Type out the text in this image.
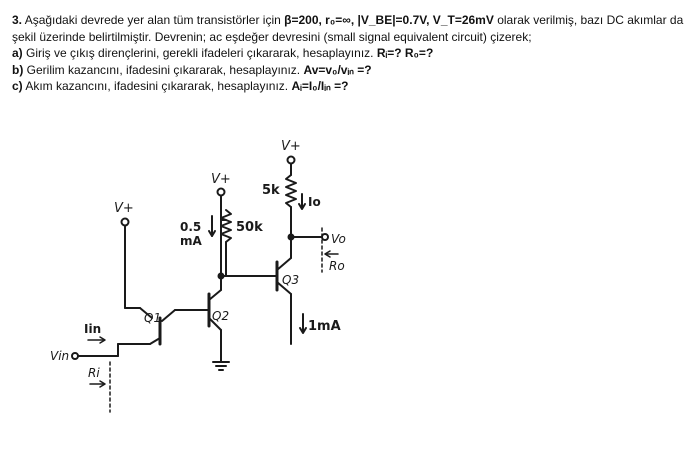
3. Aşağıdaki devrede yer alan tüm transistörler için β=200, r₀=∞, |V_BE|=0.7V, V_T=26mV olarak verilmiş, bazı DC akımlar da şekil üzerinde belirtilmiştir. Devrenin; ac eşdeğer devresini (small signal equivalent circuit) çizerek;

a) Giriş ve çıkış dirençlerini, gerekli ifadeleri çıkararak, hesaplayınız. Rᵢ=? R₀=?

b) Gerilim kazancını, ifadesini çıkararak, hesaplayınız. Av=v₀/vᵢₙ =?

c) Akım kazancını, ifadesini çıkararak, hesaplayınız. Aᵢ=I₀/Iᵢₙ =?

V+
V+
V+
5k
Io
0.5
mA
50k
Vo
Ro
Q3
Q2
Q1
1mA
Iin
Vin
Ri
